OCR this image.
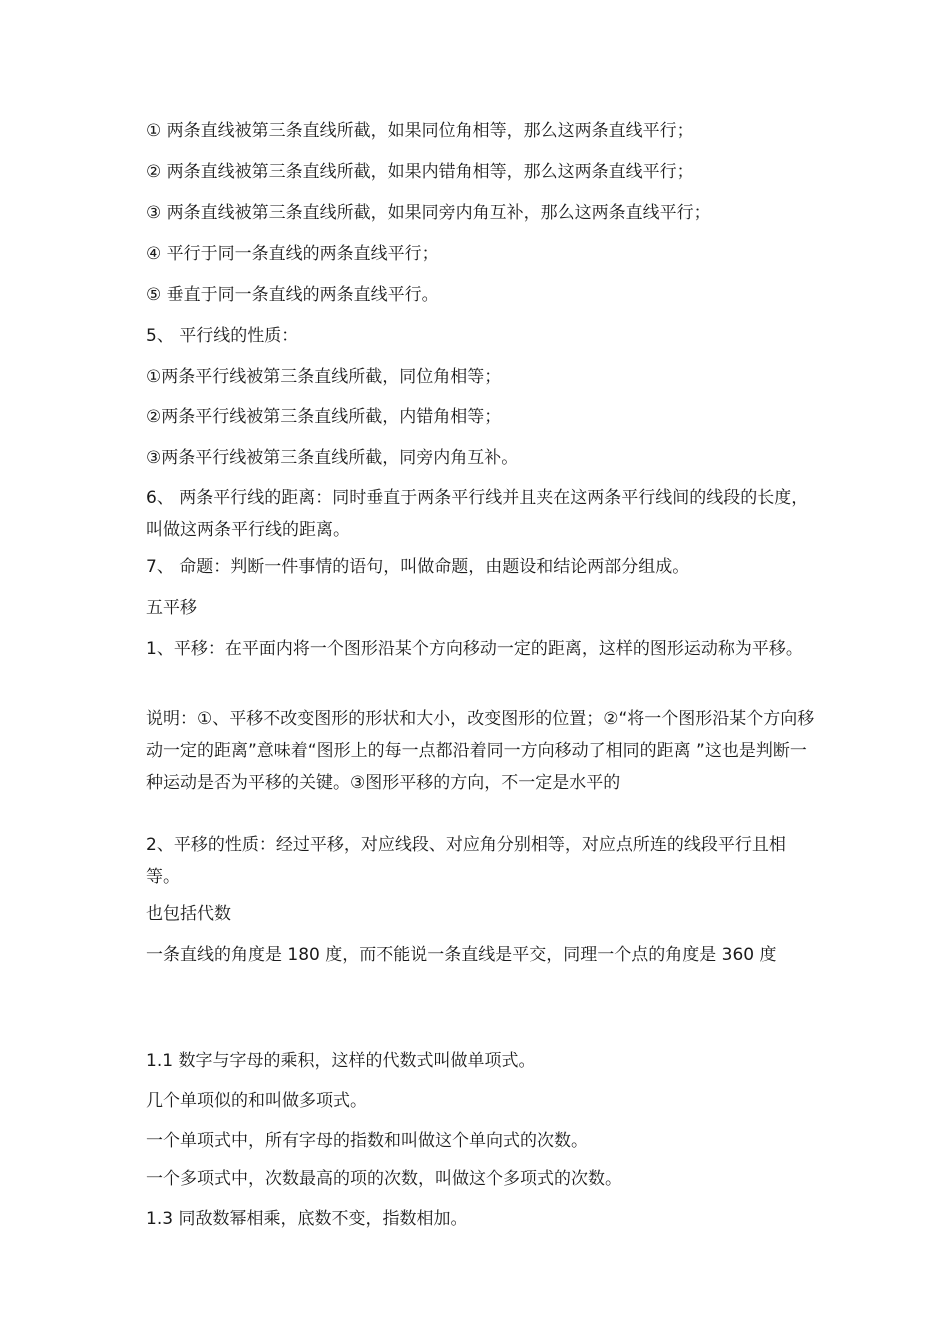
① 两条直线被第三条直线所截，如果同位角相等，那么这两条直线平行；
② 两条直线被第三条直线所截，如果内错角相等，那么这两条直线平行；
③ 两条直线被第三条直线所截，如果同旁内角互补，那么这两条直线平行；
④ 平行于同一条直线的两条直线平行；
⑤ 垂直于同一条直线的两条直线平行。
5、 平行线的性质：
①两条平行线被第三条直线所截，同位角相等；
②两条平行线被第三条直线所截，内错角相等；
③两条平行线被第三条直线所截，同旁内角互补。
6、 两条平行线的距离：同时垂直于两条平行线并且夹在这两条平行线间的线段的长度，叫做这两条平行线的距离。
7、 命题：判断一件事情的语句，叫做命题，由题设和结论两部分组成。
五平移
1、平移：在平面内将一个图形沿某个方向移动一定的距离，这样的图形运动称为平移。
说明：①、平移不改变图形的形状和大小，改变图形的位置；②“将一个图形沿某个方向移动一定的距离”意味着“图形上的每一点都沿着同一方向移动了相同的距离 ”这也是判断一种运动是否为平移的关键。③图形平移的方向，不一定是水平的
2、平移的性质：经过平移，对应线段、对应角分别相等，对应点所连的线段平行且相等。
也包括代数
一条直线的角度是 180 度，而不能说一条直线是平交，同理一个点的角度是 360 度
1.1 数字与字母的乘积，这样的代数式叫做单项式。
几个单项似的和叫做多项式。
一个单项式中，所有字母的指数和叫做这个单向式的次数。
一个多项式中，次数最高的项的次数，叫做这个多项式的次数。
1.3 同敌数幂相乘，底数不变，指数相加。
